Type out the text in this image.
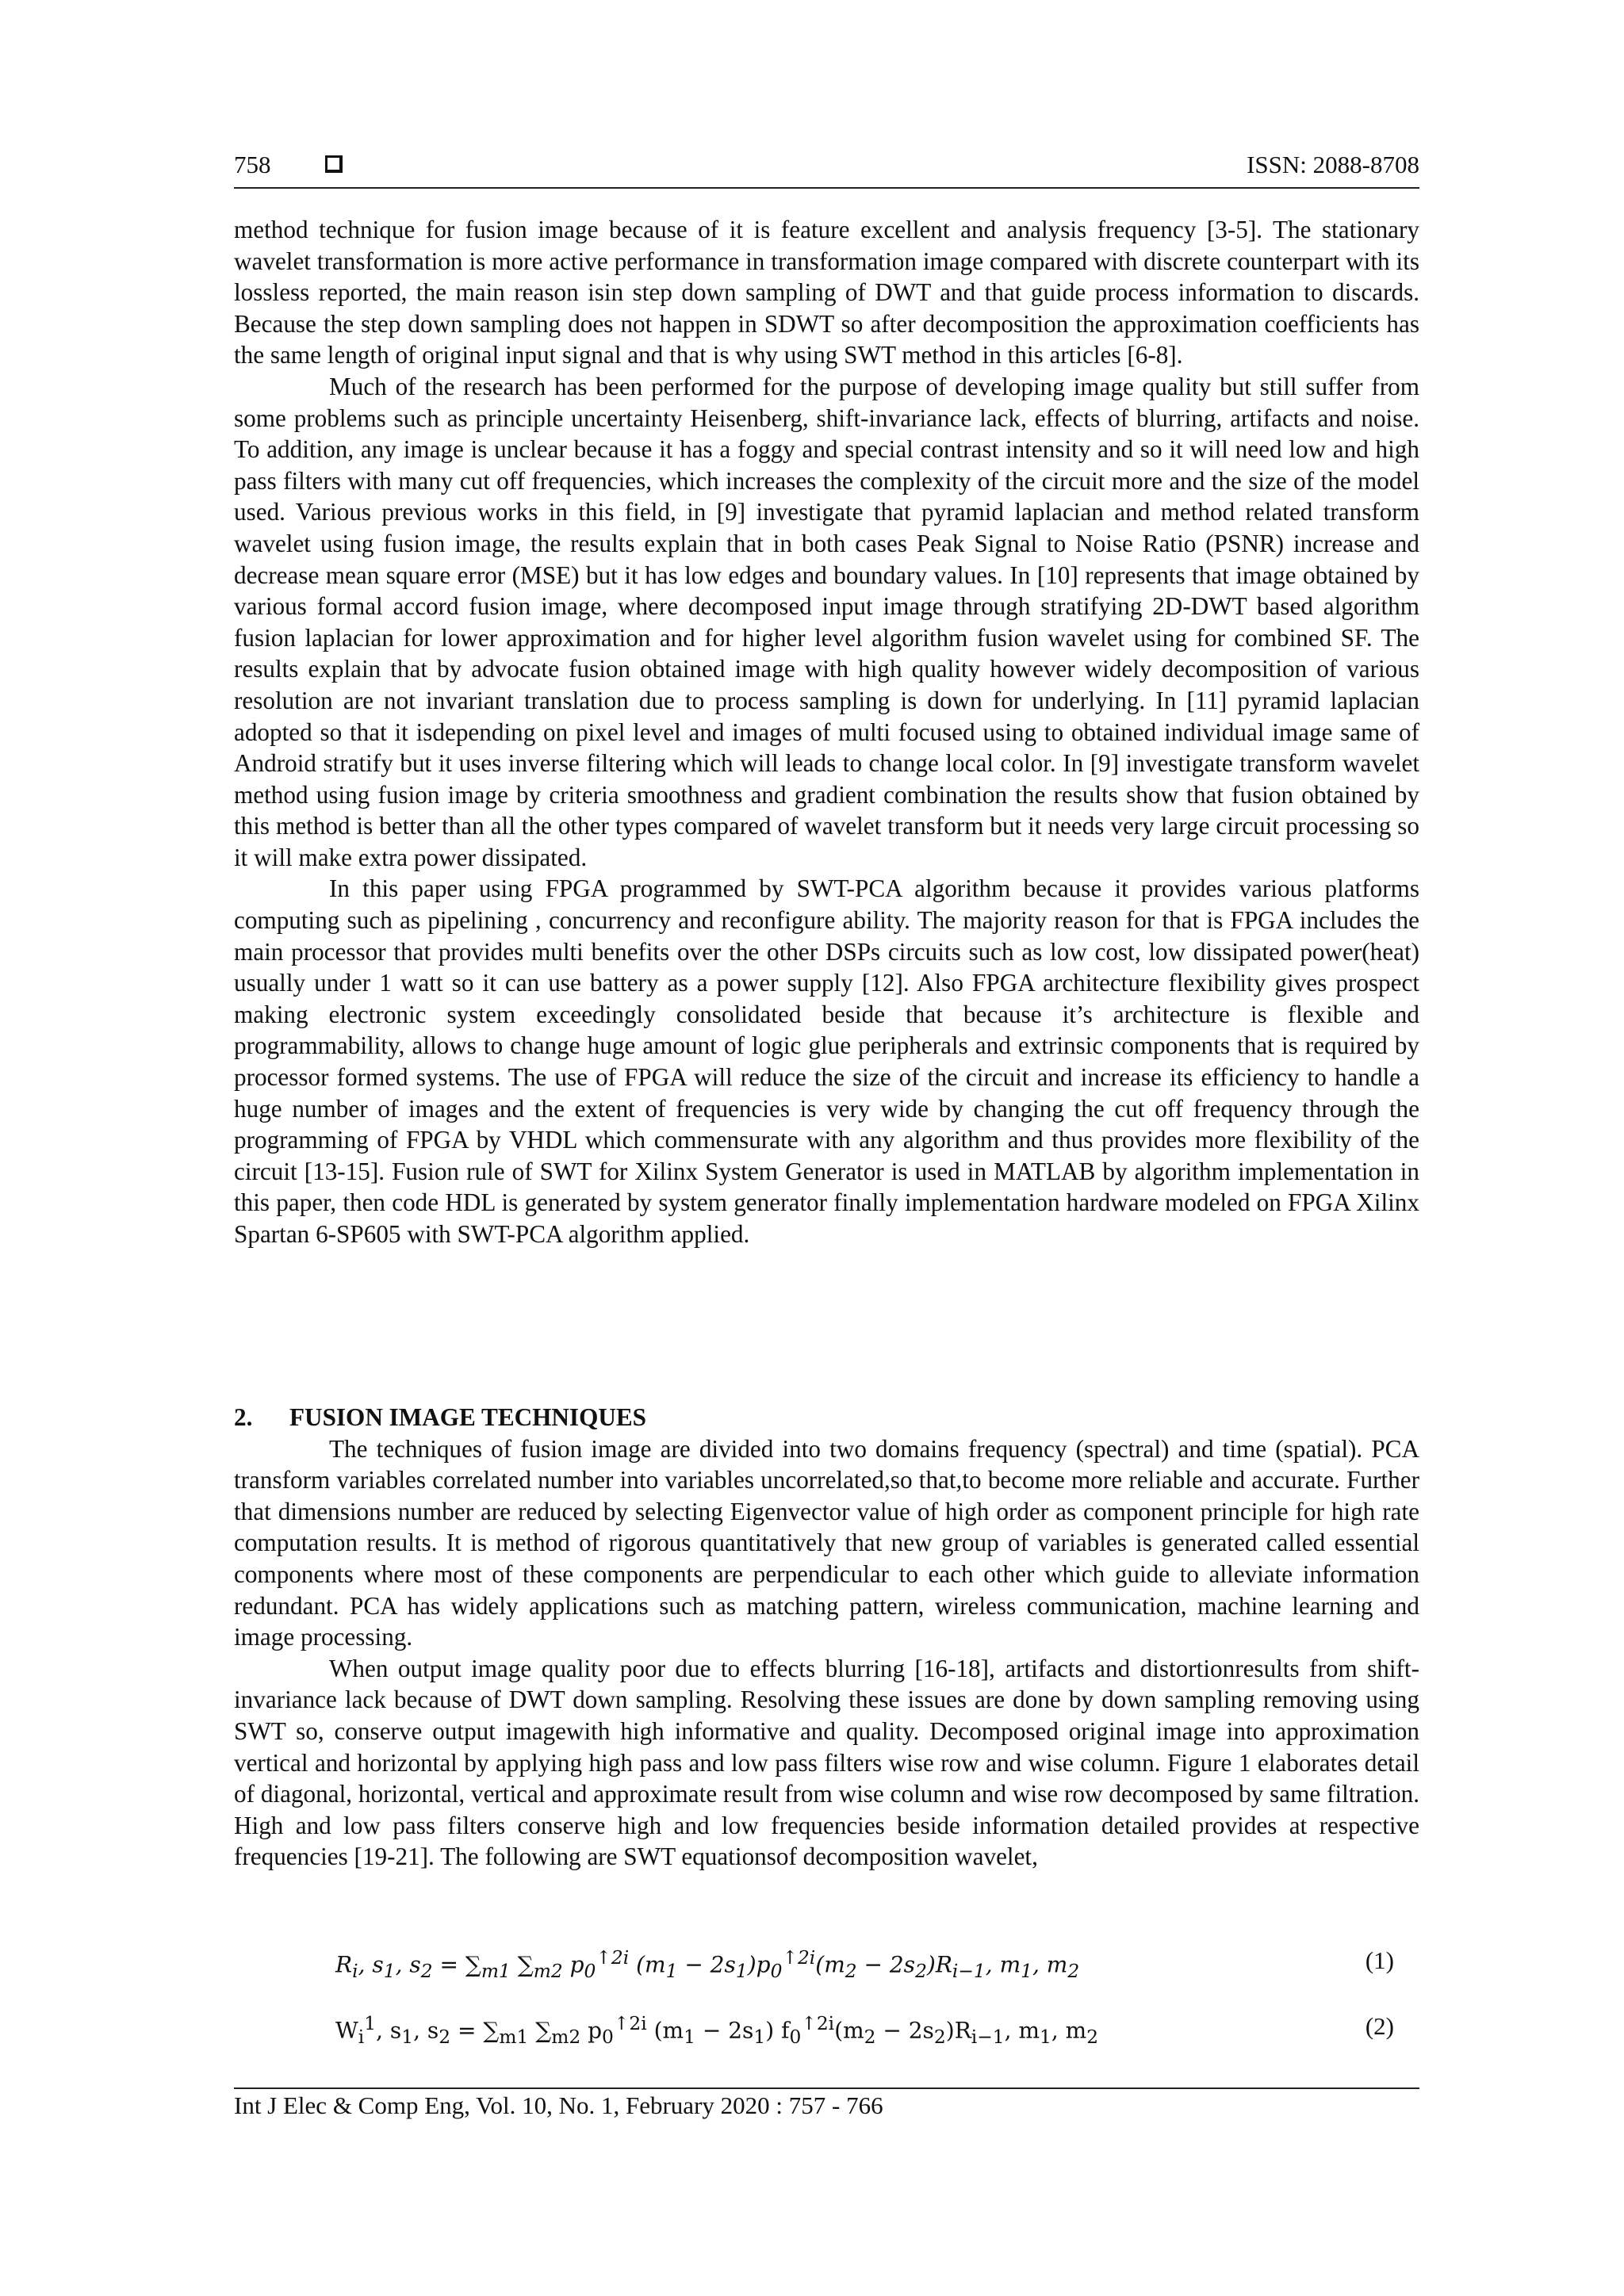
758	ISSN: 2088-8708

method technique for fusion image because of it is feature excellent and analysis frequency [3-5]. The stationary wavelet transformation is more active performance in transformation image compared with discrete counterpart with its lossless reported, the main reason isin step down sampling of DWT and that guide process information to discards. Because the step down sampling does not happen in SDWT so after decomposition the approximation coefficients has the same length of original input signal and that is why using SWT method in this articles [6-8].

Much of the research has been performed for the purpose of developing image quality but still suffer from some problems such as principle uncertainty Heisenberg, shift-invariance lack, effects of blurring, artifacts and noise. To addition, any image is unclear because it has a foggy and special contrast intensity and so it will need low and high pass filters with many cut off frequencies, which increases the complexity of the circuit more and the size of the model used. Various previous works in this field, in [9] investigate that pyramid laplacian and method related transform wavelet using fusion image, the results explain that in both cases Peak Signal to Noise Ratio (PSNR) increase and decrease mean square error (MSE) but it has low edges and boundary values. In [10] represents that image obtained by various formal accord fusion image, where decomposed input image through stratifying 2D-DWT based algorithm fusion laplacian for lower approximation and for higher level algorithm fusion wavelet using for combined SF. The results explain that by advocate fusion obtained image with high quality however widely decomposition of various resolution are not invariant translation due to process sampling is down for underlying. In [11] pyramid laplacian adopted so that it isdepending on pixel level and images of multi focused using to obtained individual image same of Android stratify but it uses inverse filtering which will leads to change local color. In [9] investigate transform wavelet method using fusion image by criteria smoothness and gradient combination the results show that fusion obtained by this method is better than all the other types compared of wavelet transform but it needs very large circuit processing so it will make extra power dissipated.

In this paper using FPGA programmed by SWT-PCA algorithm because it provides various platforms computing such as pipelining , concurrency and reconfigure ability. The majority reason for that is FPGA includes the main processor that provides multi benefits over the other DSPs circuits such as low cost, low dissipated power(heat) usually under 1 watt so it can use battery as a power supply [12]. Also FPGA architecture flexibility gives prospect making electronic system exceedingly consolidated beside that because it’s architecture is flexible and programmability, allows to change huge amount of logic glue peripherals and extrinsic components that is required by processor formed systems. The use of FPGA will reduce the size of the circuit and increase its efficiency to handle a huge number of images and the extent of frequencies is very wide by changing the cut off frequency through the programming of FPGA by VHDL which commensurate with any algorithm and thus provides more flexibility of the circuit [13-15]. Fusion rule of SWT for Xilinx System Generator is used in MATLAB by algorithm implementation in this paper, then code HDL is generated by system generator finally implementation hardware modeled on FPGA Xilinx Spartan 6-SP605 with SWT-PCA algorithm applied.

2. FUSION IMAGE TECHNIQUES

The techniques of fusion image are divided into two domains frequency (spectral) and time (spatial). PCA transform variables correlated number into variables uncorrelated,so that,to become more reliable and accurate. Further that dimensions number are reduced by selecting Eigenvector value of high order as component principle for high rate computation results. It is method of rigorous quantitatively that new group of variables is generated called essential components where most of these components are perpendicular to each other which guide to alleviate information redundant. PCA has widely applications such as matching pattern, wireless communication, machine learning and image processing.

When output image quality poor due to effects blurring [16-18], artifacts and distortionresults from shift-invariance lack because of DWT down sampling. Resolving these issues are done by down sampling removing using SWT so, conserve output imagewith high informative and quality. Decomposed original image into approximation vertical and horizontal by applying high pass and low pass filters wise row and wise column. Figure 1 elaborates detail of diagonal, horizontal, vertical and approximate result from wise column and wise row decomposed by same filtration. High and low pass filters conserve high and low frequencies beside information detailed provides at respective frequencies [19-21]. The following are SWT equationsof decomposition wavelet,

$R_i$, $s_1$, $s_2 = \sum_{m1}$ $\sum_{m2}$ $p_0^{↑2i}$ $(m_1 - 2s_1)p_0^{↑2i}(m_2 - 2s_2)R_{i-1}$, $m_1$, $m_2$	(1)
$W_i^1$, $s_1$, $s_2 = \sum_{m1}$ $\sum_{m2}$ $p_0^{↑2i}$ $(m_1 - 2s_1) f_0^{↑2i}(m_2 - 2s_2)R_{i-1}$, $m_1$, $m_2$	(2)
Int J Elec & Comp Eng, Vol. 10, No. 1, February 2020 : 757 - 766
